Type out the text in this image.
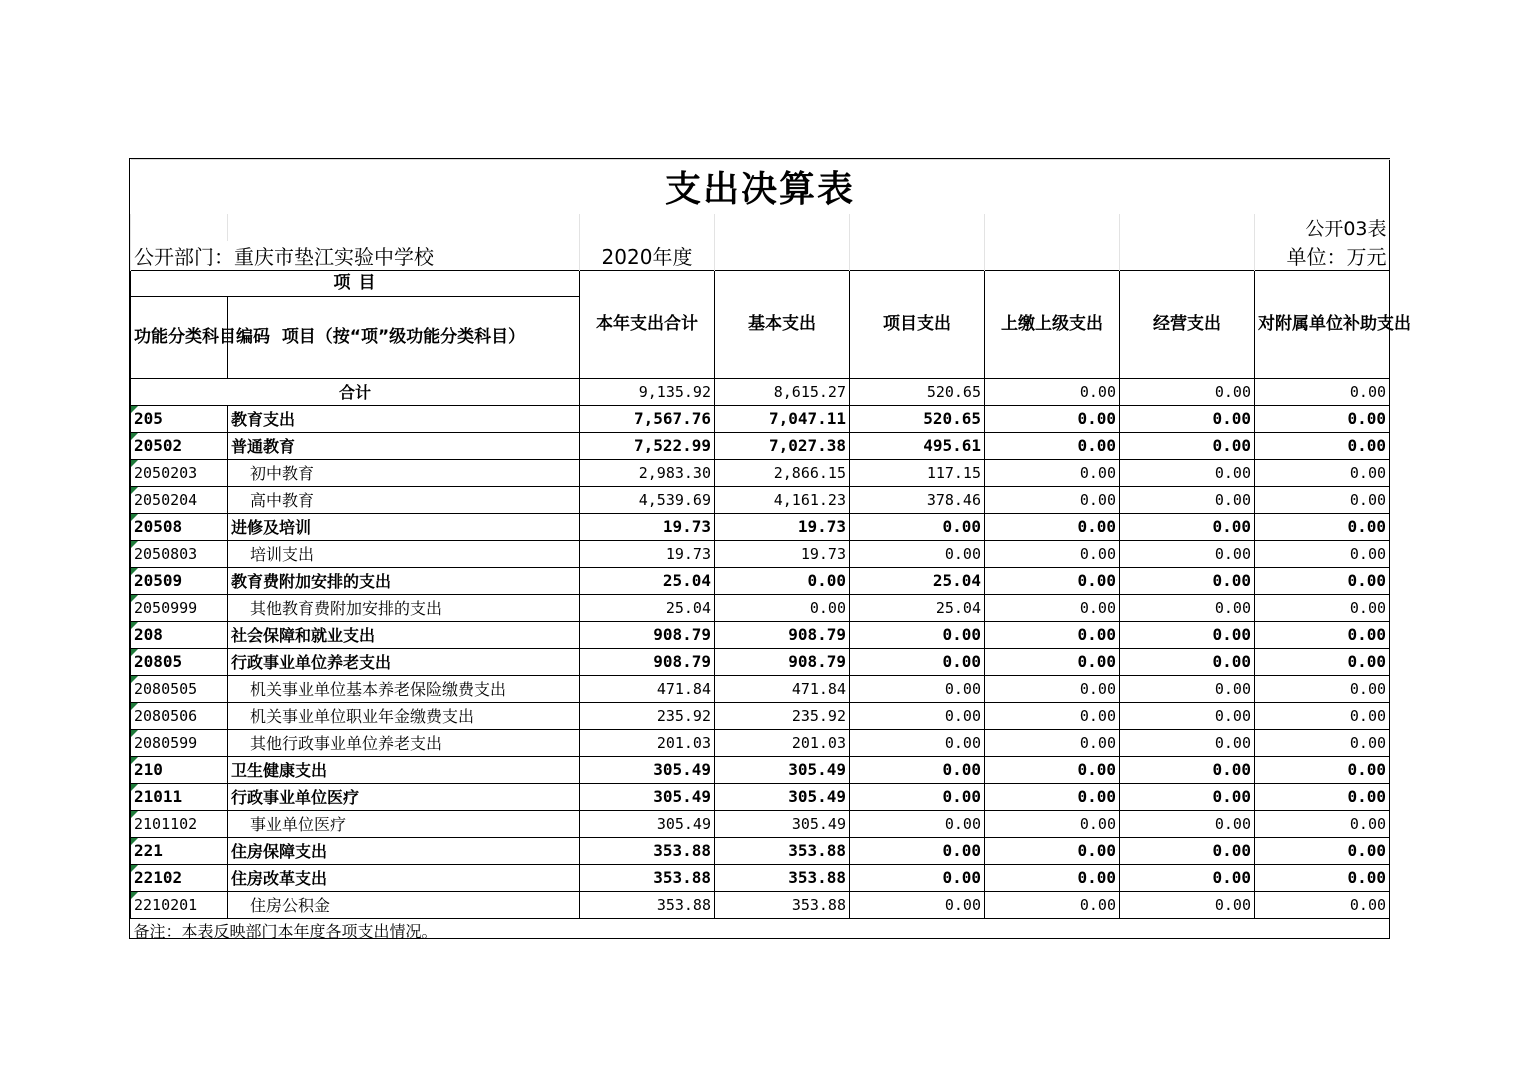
支出决算表							
							公开03表
公开部门：重庆市垫江实验中学校		2020年度					单位：万元
项 目		本年支出合计	基本支出	项目支出	上缴上级支出	经营支出	对附属单位补助支出
功能分类科目编码	项目（按“项”级功能分类科目）						
合计		9,135.92	8,615.27	520.65	0.00	0.00	0.00
205	教育支出	7,567.76	7,047.11	520.65	0.00	0.00	0.00
20502	普通教育	7,522.99	7,027.38	495.61	0.00	0.00	0.00
2050203	初中教育	2,983.30	2,866.15	117.15	0.00	0.00	0.00
2050204	高中教育	4,539.69	4,161.23	378.46	0.00	0.00	0.00
20508	进修及培训	19.73	19.73	0.00	0.00	0.00	0.00
2050803	培训支出	19.73	19.73	0.00	0.00	0.00	0.00
20509	教育费附加安排的支出	25.04	0.00	25.04	0.00	0.00	0.00
2050999	其他教育费附加安排的支出	25.04	0.00	25.04	0.00	0.00	0.00
208	社会保障和就业支出	908.79	908.79	0.00	0.00	0.00	0.00
20805	行政事业单位养老支出	908.79	908.79	0.00	0.00	0.00	0.00
2080505	机关事业单位基本养老保险缴费支出	471.84	471.84	0.00	0.00	0.00	0.00
2080506	机关事业单位职业年金缴费支出	235.92	235.92	0.00	0.00	0.00	0.00
2080599	其他行政事业单位养老支出	201.03	201.03	0.00	0.00	0.00	0.00
210	卫生健康支出	305.49	305.49	0.00	0.00	0.00	0.00
21011	行政事业单位医疗	305.49	305.49	0.00	0.00	0.00	0.00
2101102	事业单位医疗	305.49	305.49	0.00	0.00	0.00	0.00
221	住房保障支出	353.88	353.88	0.00	0.00	0.00	0.00
22102	住房改革支出	353.88	353.88	0.00	0.00	0.00	0.00
2210201	住房公积金	353.88	353.88	0.00	0.00	0.00	0.00
备注：本表反映部门本年度各项支出情况。							
